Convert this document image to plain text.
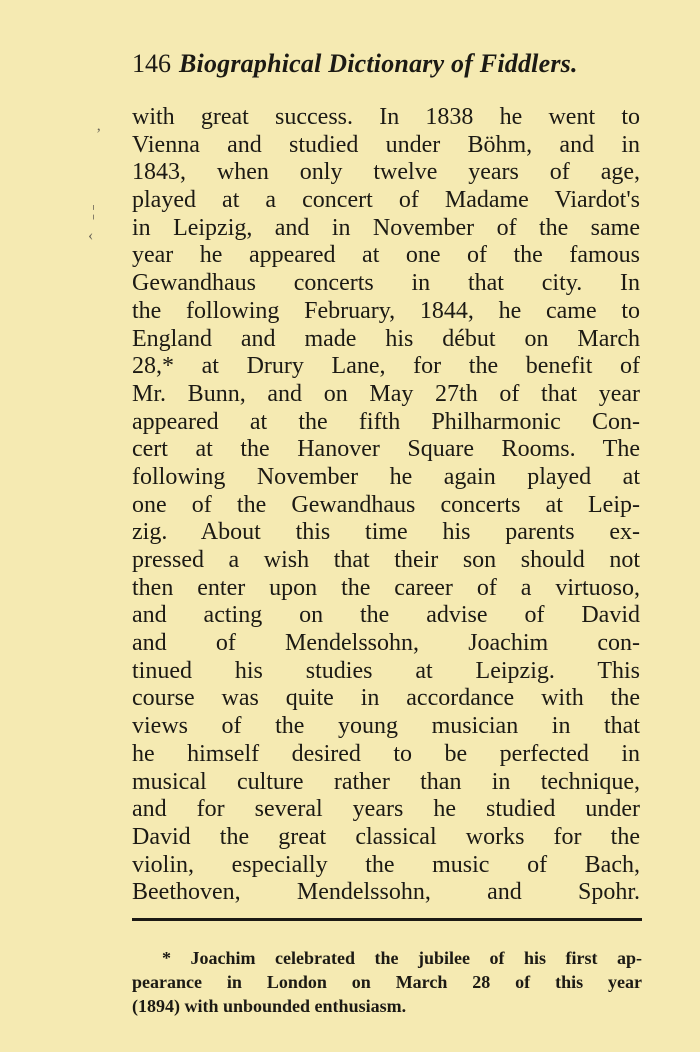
146 Biographical Dictionary of Fiddlers.
‚
¦
‹
with great success. In 1838 he went to
Vienna and studied under Böhm, and in
1843, when only twelve years of age,
played at a concert of Madame Viardot's
in Leipzig, and in November of the same
year he appeared at one of the famous
Gewandhaus concerts in that city. In
the following February, 1844, he came to
England and made his début on March
28,* at Drury Lane, for the benefit of
Mr. Bunn, and on May 27th of that year
appeared at the fifth Philharmonic Con-
cert at the Hanover Square Rooms. The
following November he again played at
one of the Gewandhaus concerts at Leip-
zig. About this time his parents ex-
pressed a wish that their son should not
then enter upon the career of a virtuoso,
and acting on the advise of David
and of Mendelssohn, Joachim con-
tinued his studies at Leipzig. This
course was quite in accordance with the
views of the young musician in that
he himself desired to be perfected in
musical culture rather than in technique,
and for several years he studied under
David the great classical works for the
violin, especially the music of Bach,
Beethoven, Mendelssohn, and Spohr.
* Joachim celebrated the jubilee of his first ap-
pearance in London on March 28 of this year
(1894) with unbounded enthusiasm.
